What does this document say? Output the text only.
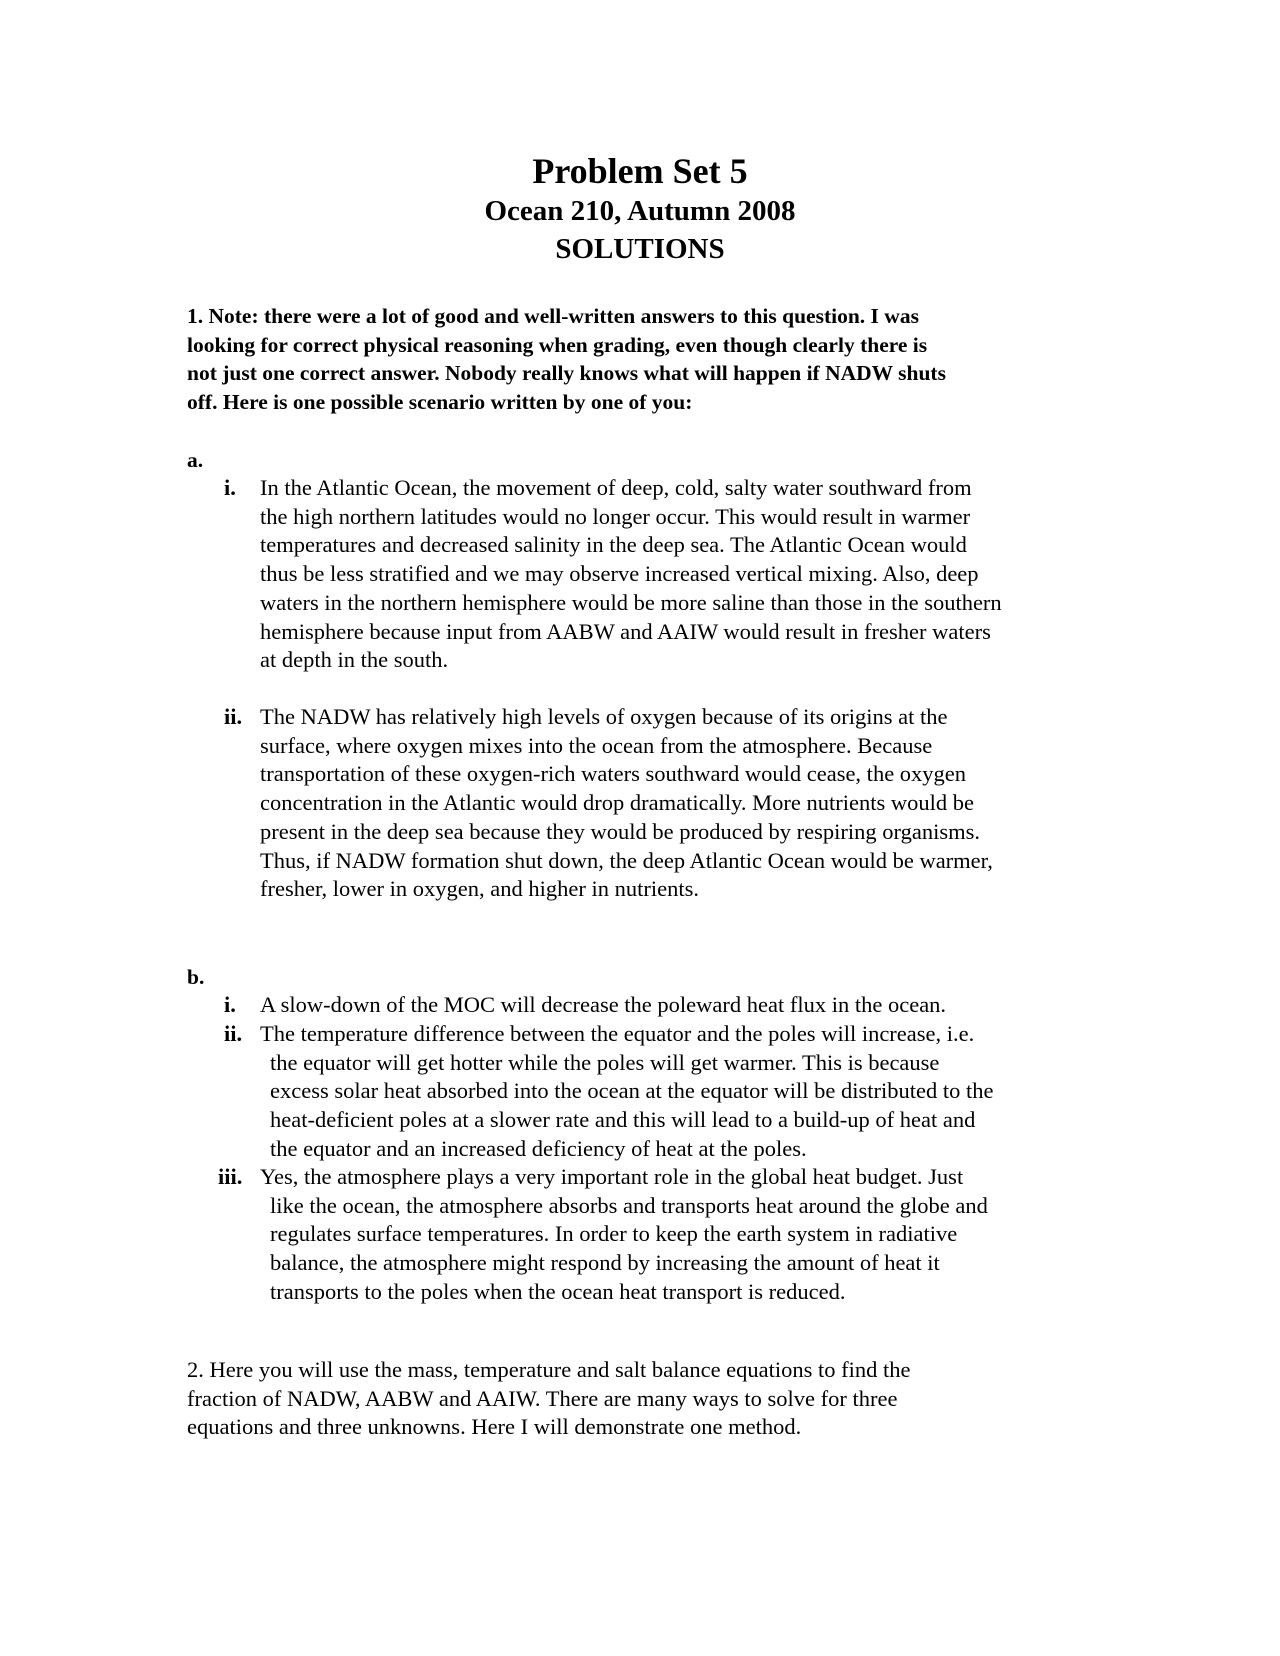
Problem Set 5
Ocean 210, Autumn 2008
SOLUTIONS
1. Note: there were a lot of good and well-written answers to this question. I was
looking for correct physical reasoning when grading, even though clearly there is
not just one correct answer. Nobody really knows what will happen if NADW shuts
off. Here is one possible scenario written by one of you:
a.
i. In the Atlantic Ocean, the movement of deep, cold, salty water southward from
the high northern latitudes would no longer occur. This would result in warmer
temperatures and decreased salinity in the deep sea. The Atlantic Ocean would
thus be less stratified and we may observe increased vertical mixing. Also, deep
waters in the northern hemisphere would be more saline than those in the southern
hemisphere because input from AABW and AAIW would result in fresher waters
at depth in the south.
ii. The NADW has relatively high levels of oxygen because of its origins at the
surface, where oxygen mixes into the ocean from the atmosphere. Because
transportation of these oxygen-rich waters southward would cease, the oxygen
concentration in the Atlantic would drop dramatically. More nutrients would be
present in the deep sea because they would be produced by respiring organisms.
Thus, if NADW formation shut down, the deep Atlantic Ocean would be warmer,
fresher, lower in oxygen, and higher in nutrients.
b.
i. A slow-down of the MOC will decrease the poleward heat flux in the ocean.
ii. The temperature difference between the equator and the poles will increase, i.e.
the equator will get hotter while the poles will get warmer. This is because
excess solar heat absorbed into the ocean at the equator will be distributed to the
heat-deficient poles at a slower rate and this will lead to a build-up of heat and
the equator and an increased deficiency of heat at the poles.
iii. Yes, the atmosphere plays a very important role in the global heat budget. Just
like the ocean, the atmosphere absorbs and transports heat around the globe and
regulates surface temperatures. In order to keep the earth system in radiative
balance, the atmosphere might respond by increasing the amount of heat it
transports to the poles when the ocean heat transport is reduced.
2. Here you will use the mass, temperature and salt balance equations to find the
fraction of NADW, AABW and AAIW. There are many ways to solve for three
equations and three unknowns. Here I will demonstrate one method.
